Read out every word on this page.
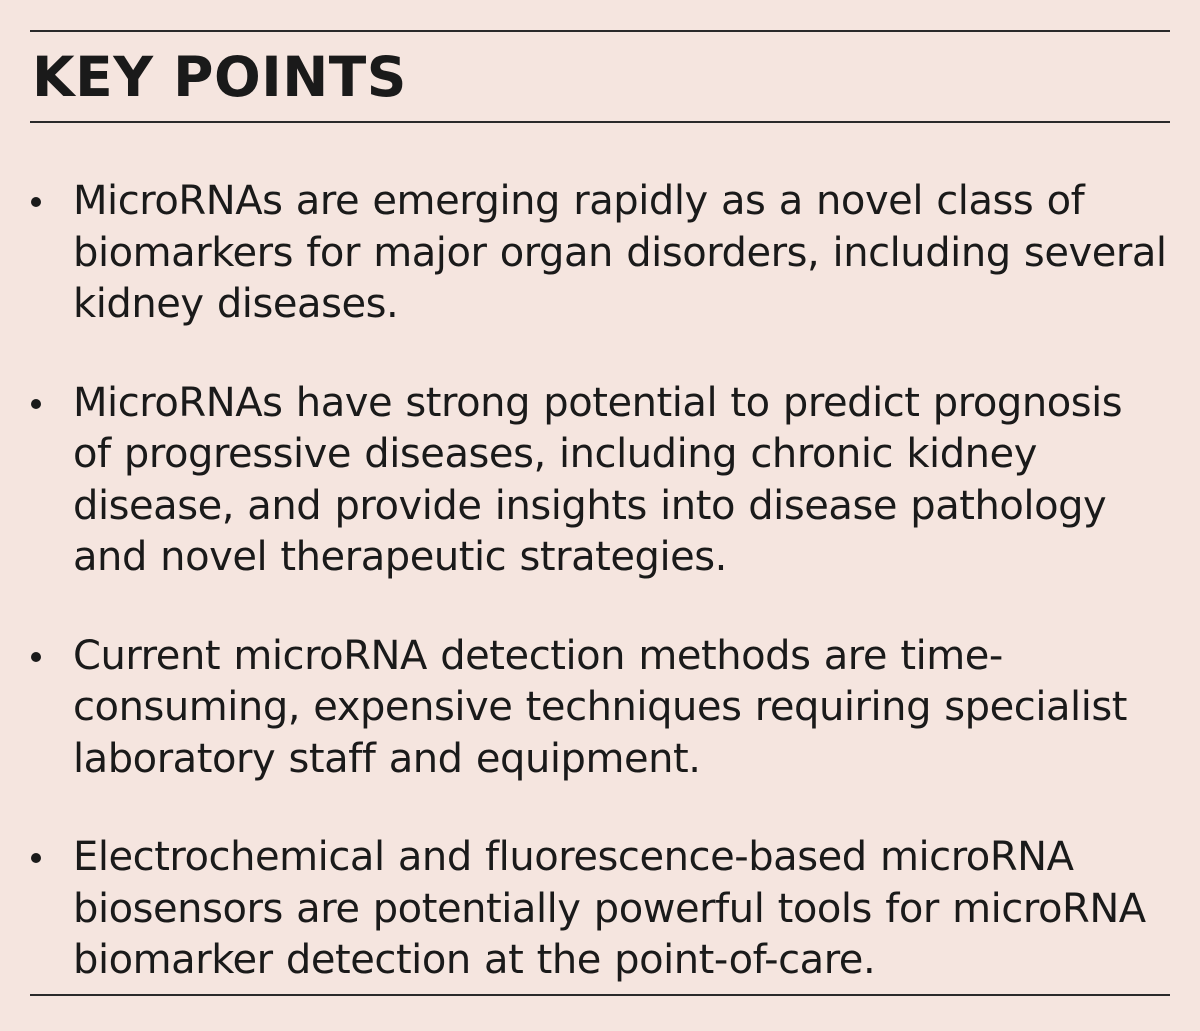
KEY POINTS
MicroRNAs are emerging rapidly as a novel class of biomarkers for major organ disorders, including several kidney diseases.
MicroRNAs have strong potential to predict prognosis of progressive diseases, including chronic kidney disease, and provide insights into disease pathology and novel therapeutic strategies.
Current microRNA detection methods are time-consuming, expensive techniques requiring specialist laboratory staff and equipment.
Electrochemical and fluorescence-based microRNA biosensors are potentially powerful tools for microRNA biomarker detection at the point-of-care.
